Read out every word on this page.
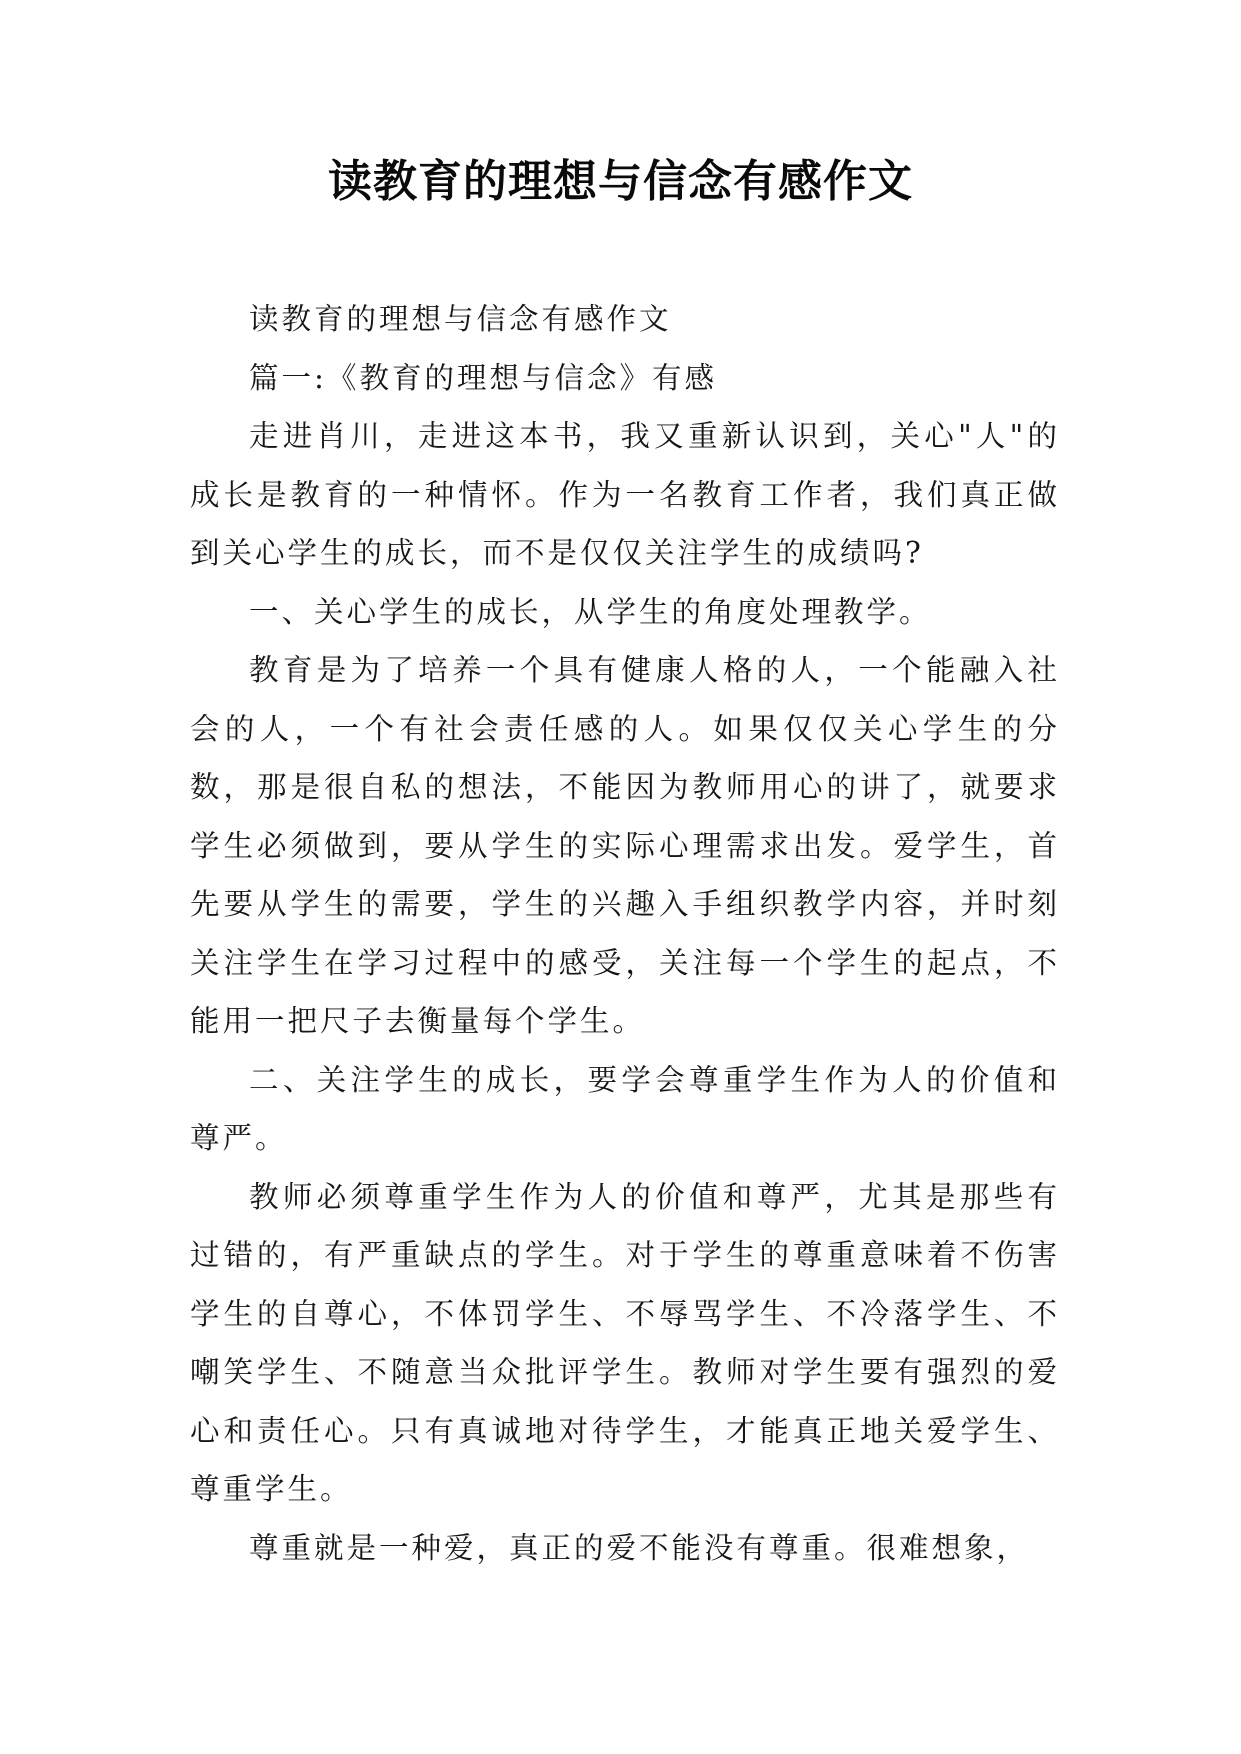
读教育的理想与信念有感作文

读教育的理想与信念有感作文

篇一:《教育的理想与信念》有感

走进肖川，走进这本书，我又重新认识到，关心"人"的成长是教育的一种情怀。作为一名教育工作者，我们真正做到关心学生的成长，而不是仅仅关注学生的成绩吗?

一、关心学生的成长，从学生的角度处理教学。

教育是为了培养一个具有健康人格的人，一个能融入社会的人，一个有社会责任感的人。如果仅仅关心学生的分数，那是很自私的想法，不能因为教师用心的讲了，就要求学生必须做到，要从学生的实际心理需求出发。爱学生，首先要从学生的需要，学生的兴趣入手组织教学内容，并时刻关注学生在学习过程中的感受，关注每一个学生的起点，不能用一把尺子去衡量每个学生。

二、关注学生的成长，要学会尊重学生作为人的价值和尊严。

教师必须尊重学生作为人的价值和尊严，尤其是那些有过错的，有严重缺点的学生。对于学生的尊重意味着不伤害学生的自尊心，不体罚学生、不辱骂学生、不冷落学生、不嘲笑学生、不随意当众批评学生。教师对学生要有强烈的爱心和责任心。只有真诚地对待学生，才能真正地关爱学生、尊重学生。

尊重就是一种爱，真正的爱不能没有尊重。很难想象，
